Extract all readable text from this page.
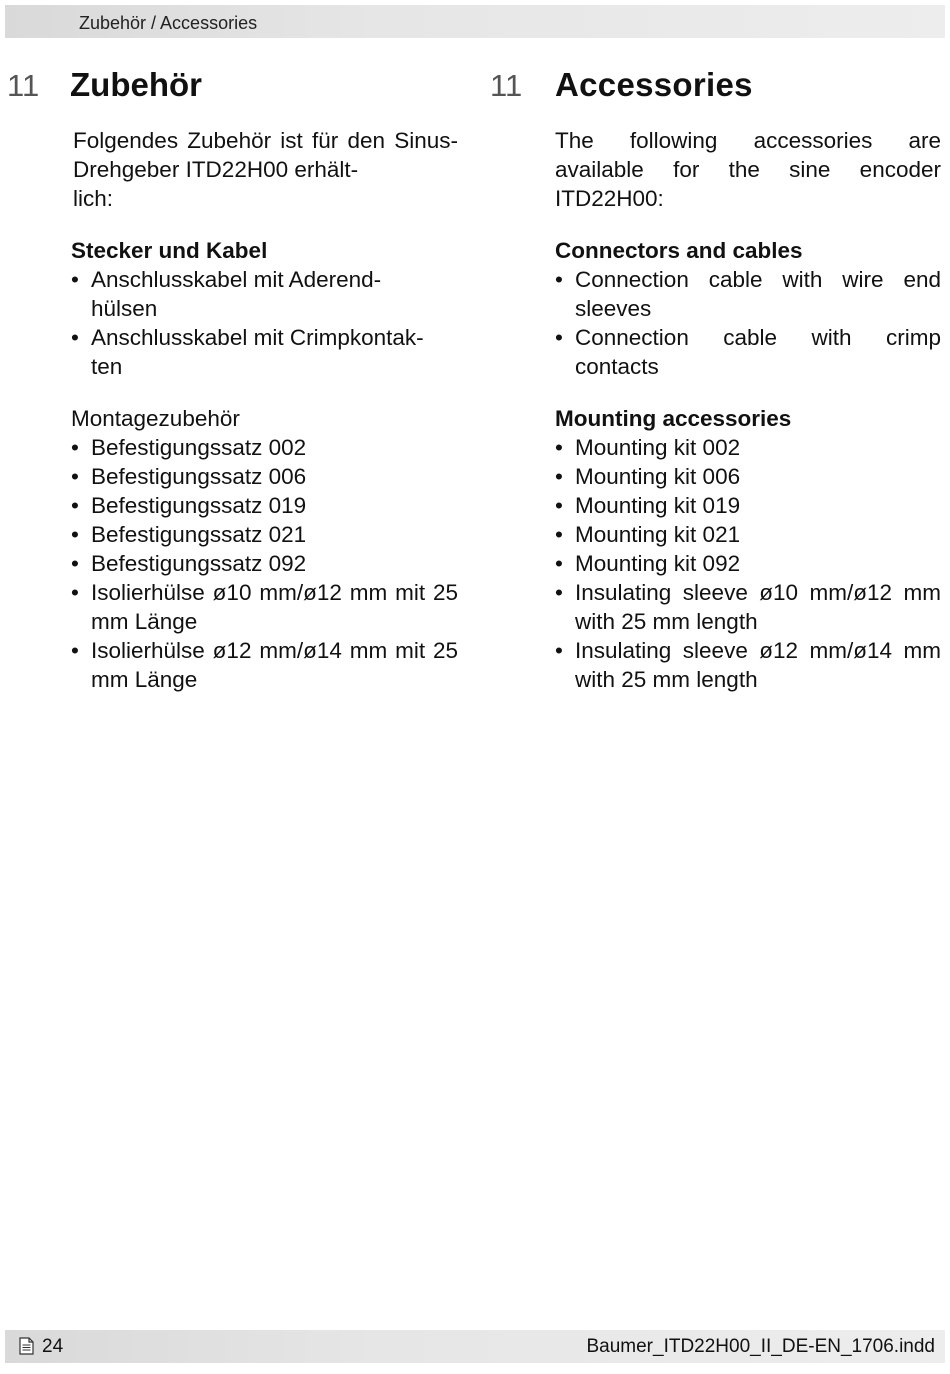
Zubehör / Accessories
11 Zubehör

Folgendes Zubehör ist für den Sinus-Drehgeber ITD22H00 erhält-
lich:

Stecker und Kabel
• Anschlusskabel mit Aderend-
hülsen
• Anschlusskabel mit Crimpkontak-
ten
Montagezubehör
• Befestigungssatz 002
• Befestigungssatz 006
• Befestigungssatz 019
• Befestigungssatz 021
• Befestigungssatz 092
• Isolierhülse ø10 mm/ø12 mm mit 25 mm Länge
• Isolierhülse ø12 mm/ø14 mm mit 25 mm Länge
11 Accessories

The following accessories are available for the sine encoder ITD22H00:

Connectors and cables
• Connection cable with wire end sleeves
• Connection cable with crimp contacts
Mounting accessories
• Mounting kit 002
• Mounting kit 006
• Mounting kit 019
• Mounting kit 021
• Mounting kit 092
• Insulating sleeve ø10 mm/ø12 mm with 25 mm length
• Insulating sleeve ø12 mm/ø14 mm with 25 mm length
24	Baumer_ITD22H00_II_DE-EN_1706.indd
